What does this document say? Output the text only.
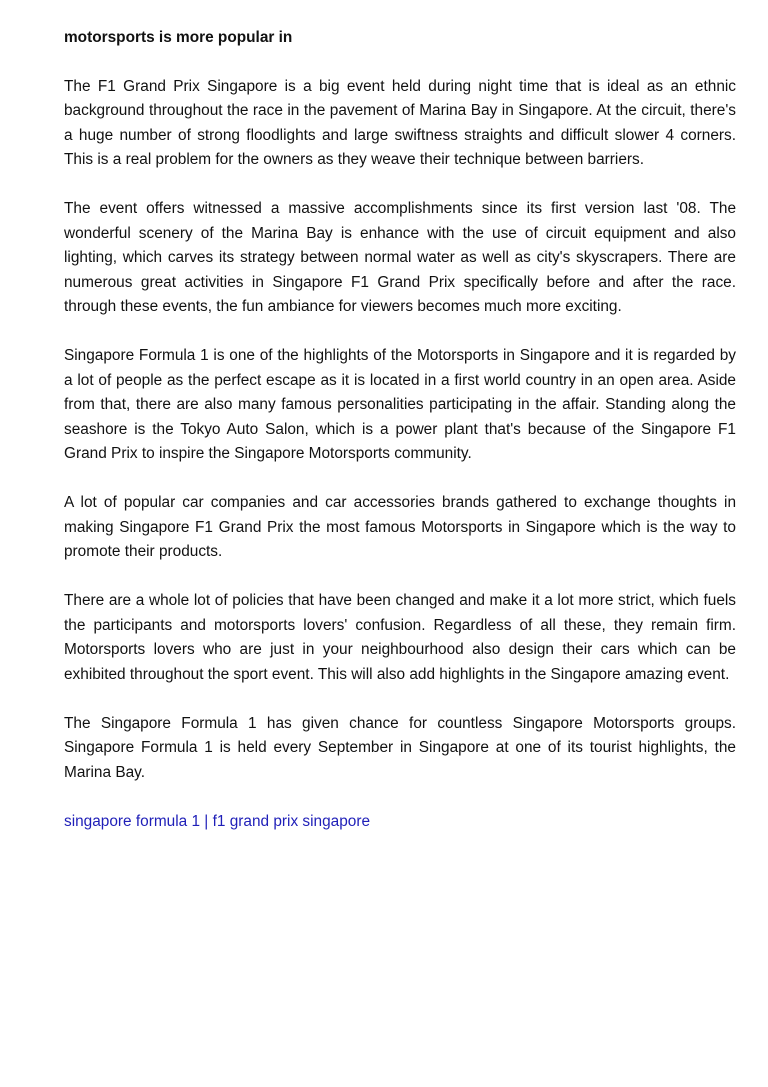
motorsports is more popular in

The F1 Grand Prix Singapore is a big event held during night time that is ideal as an ethnic background throughout the race in the pavement of Marina Bay in Singapore. At the circuit, there's a huge number of strong floodlights and large swiftness straights and difficult slower 4 corners. This is a real problem for the owners as they weave their technique between barriers.

The event offers witnessed a massive accomplishments since its first version last '08. The wonderful scenery of the Marina Bay is enhance with the use of circuit equipment and also lighting, which carves its strategy between normal water as well as city's skyscrapers. There are numerous great activities in Singapore F1 Grand Prix specifically before and after the race. through these events, the fun ambiance for viewers becomes much more exciting.

Singapore Formula 1 is one of the highlights of the Motorsports in Singapore and it is regarded by a lot of people as the perfect escape as it is located in a first world country in an open area. Aside from that, there are also many famous personalities participating in the affair. Standing along the seashore is the Tokyo Auto Salon, which is a power plant that's because of the Singapore F1 Grand Prix to inspire the Singapore Motorsports community.

A lot of popular car companies and car accessories brands gathered to exchange thoughts in making Singapore F1 Grand Prix the most famous Motorsports in Singapore which is the way to promote their products.

There are a whole lot of policies that have been changed and make it a lot more strict, which fuels the participants and motorsports lovers' confusion. Regardless of all these, they remain firm. Motorsports lovers who are just in your neighbourhood also design their cars which can be exhibited throughout the sport event. This will also add highlights in the Singapore amazing event.

The Singapore Formula 1 has given chance for countless Singapore Motorsports groups. Singapore Formula 1 is held every September in Singapore at one of its tourist highlights, the Marina Bay.

singapore formula 1 | f1 grand prix singapore
